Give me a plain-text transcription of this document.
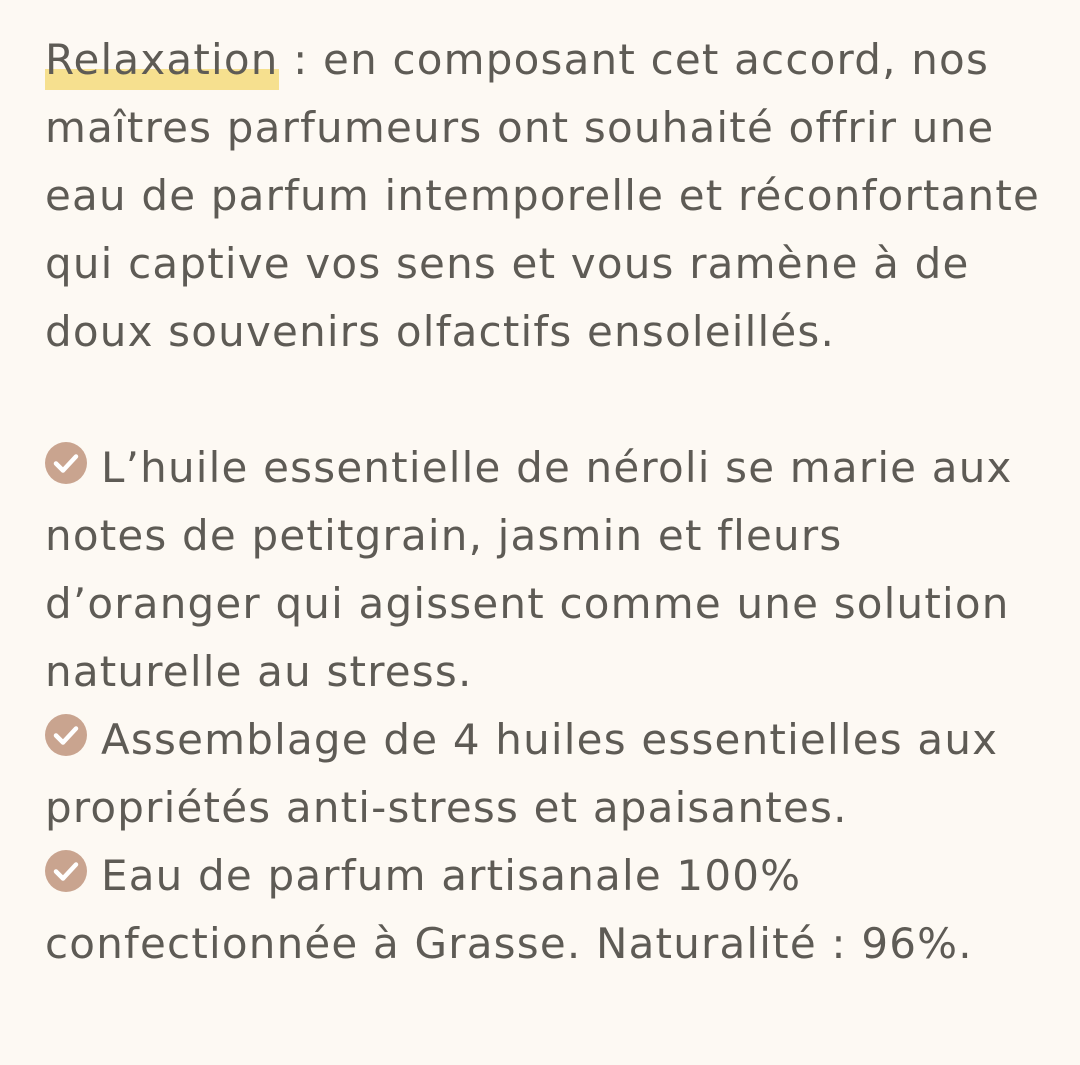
Relaxation : en composant cet accord, nos maîtres parfumeurs ont souhaité offrir une eau de parfum intemporelle et réconfortante qui captive vos sens et vous ramène à de doux souvenirs olfactifs ensoleillés.

L’huile essentielle de néroli se marie aux notes de petitgrain, jasmin et fleurs d’oranger qui agissent comme une solution naturelle au stress.
Assemblage de 4 huiles essentielles aux propriétés anti-stress et apaisantes.
Eau de parfum artisanale 100% confectionnée à Grasse. Naturalité : 96%.
